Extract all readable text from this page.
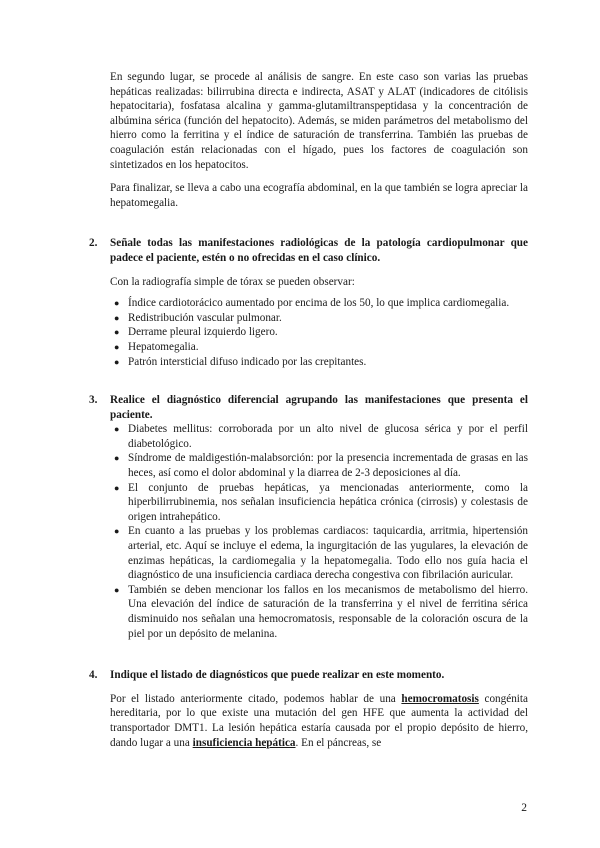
En segundo lugar, se procede al análisis de sangre. En este caso son varias las pruebas hepáticas realizadas: bilirrubina directa e indirecta, ASAT y ALAT (indicadores de citólisis hepatocitaria), fosfatasa alcalina y gamma-glutamiltranspeptidasa y la concentración de albúmina sérica (función del hepatocito). Además, se miden parámetros del metabolismo del hierro como la ferritina y el índice de saturación de transferrina. También las pruebas de coagulación están relacionadas con el hígado, pues los factores de coagulación son sintetizados en los hepatocitos.

Para finalizar, se lleva a cabo una ecografía abdominal, en la que también se logra apreciar la hepatomegalia.

2. Señale todas las manifestaciones radiológicas de la patología cardiopulmonar que padece el paciente, estén o no ofrecidas en el caso clínico.

Con la radiografía simple de tórax se pueden observar:

● Índice cardiotorácico aumentado por encima de los 50, lo que implica cardiomegalia.
● Redistribución vascular pulmonar.
● Derrame pleural izquierdo ligero.
● Hepatomegalia.
● Patrón intersticial difuso indicado por las crepitantes.

3. Realice el diagnóstico diferencial agrupando las manifestaciones que presenta el paciente.

● Diabetes mellitus: corroborada por un alto nivel de glucosa sérica y por el perfil diabetológico.
● Síndrome de maldigestión-malabsorción: por la presencia incrementada de grasas en las heces, así como el dolor abdominal y la diarrea de 2-3 deposiciones al día.
● El conjunto de pruebas hepáticas, ya mencionadas anteriormente, como la hiperbilirrubinemia, nos señalan insuficiencia hepática crónica (cirrosis) y colestasis de origen intrahepático.
● En cuanto a las pruebas y los problemas cardiacos: taquicardia, arritmia, hipertensión arterial, etc. Aquí se incluye el edema, la ingurgitación de las yugulares, la elevación de enzimas hepáticas, la cardiomegalia y la hepatomegalia. Todo ello nos guía hacia el diagnóstico de una insuficiencia cardiaca derecha congestiva con fibrilación auricular.
● También se deben mencionar los fallos en los mecanismos de metabolismo del hierro. Una elevación del índice de saturación de la transferrina y el nivel de ferritina sérica disminuido nos señalan una hemocromatosis, responsable de la coloración oscura de la piel por un depósito de melanina.

4. Indique el listado de diagnósticos que puede realizar en este momento.

Por el listado anteriormente citado, podemos hablar de una hemocromatosis congénita hereditaria, por lo que existe una mutación del gen HFE que aumenta la actividad del transportador DMT1. La lesión hepática estaría causada por el propio depósito de hierro, dando lugar a una insuficiencia hepática. En el páncreas, se

2
